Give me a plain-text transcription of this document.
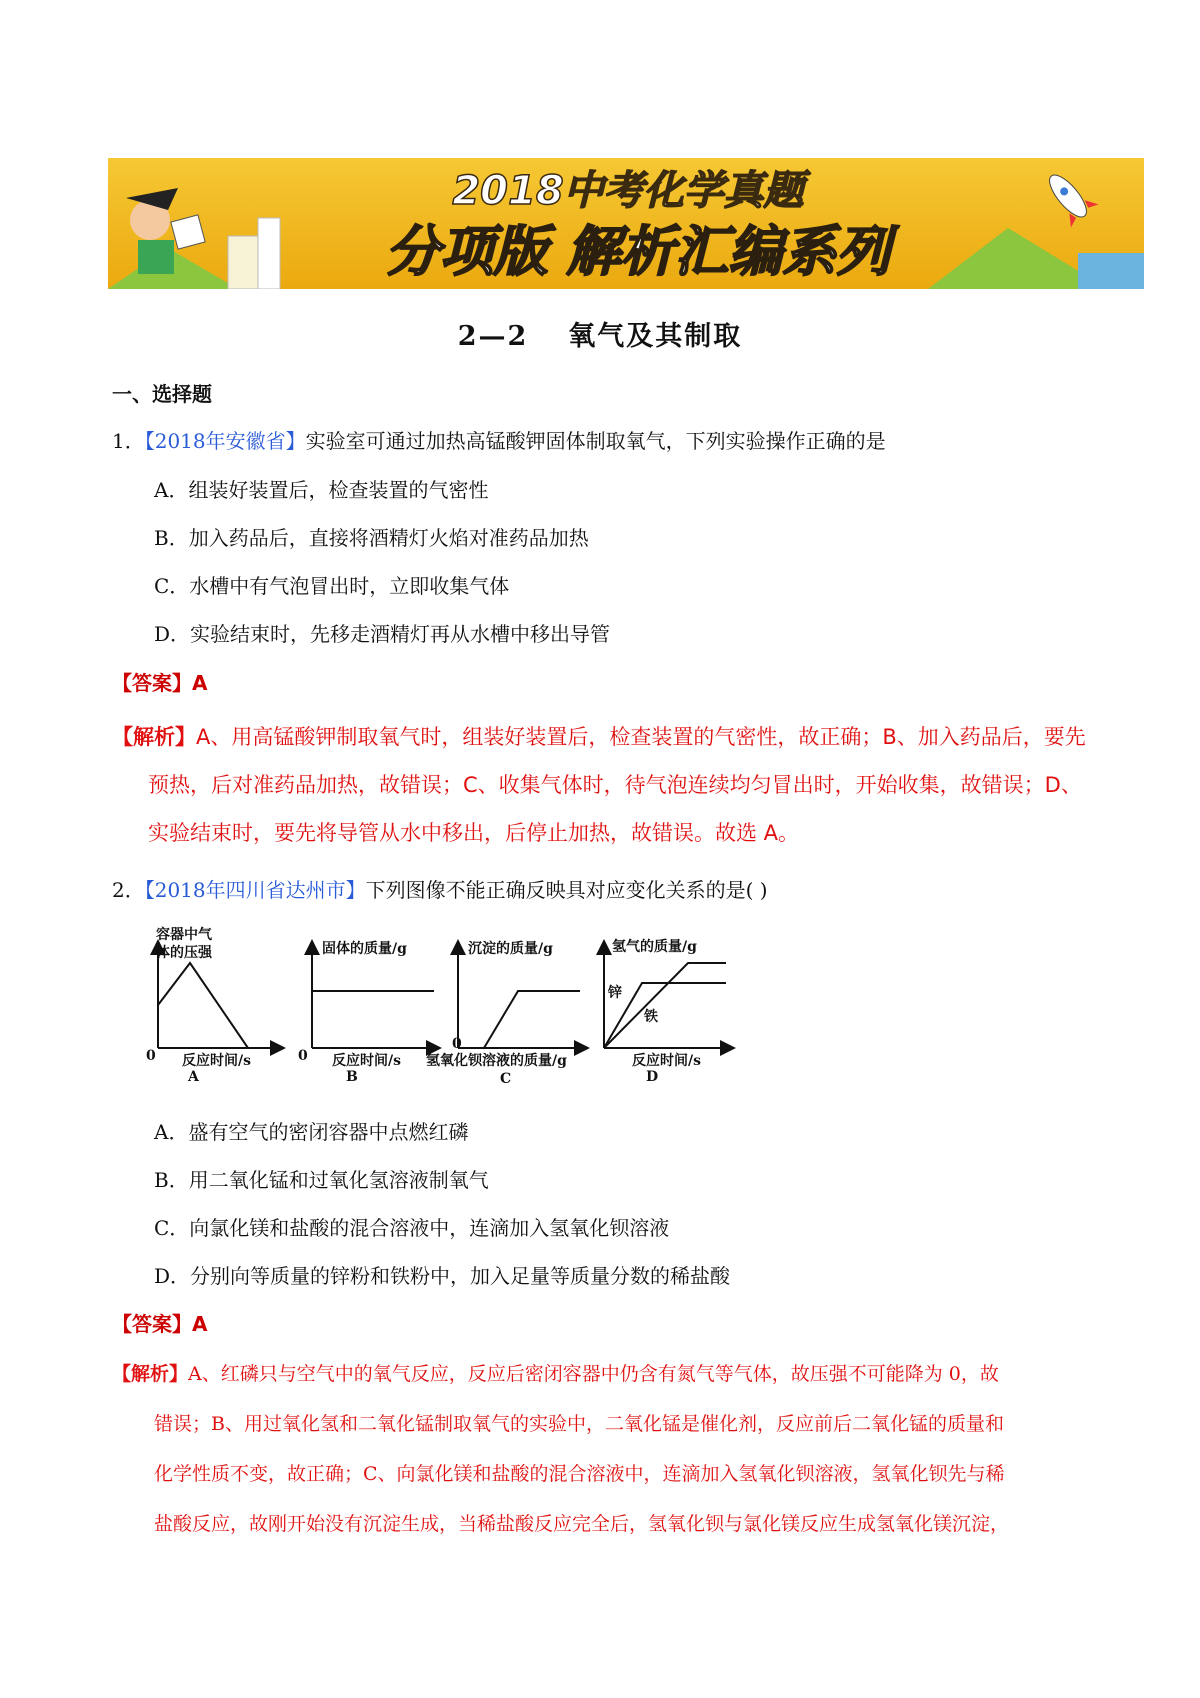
2018中考化学真题
分项版 解析汇编系列
2—2 氧气及其制取
一、选择题
1．【2018年安徽省】实验室可通过加热高锰酸钾固体制取氧气，下列实验操作正确的是
A．组装好装置后，检查装置的气密性
B．加入药品后，直接将酒精灯火焰对准药品加热
C．水槽中有气泡冒出时，立即收集气体
D．实验结束时，先移走酒精灯再从水槽中移出导管
【答案】A
【解析】A、用高锰酸钾制取氧气时，组装好装置后，检查装置的气密性，故正确；B、加入药品后，要先
预热，后对准药品加热，故错误；C、收集气体时，待气泡连续均匀冒出时，开始收集，故错误；D、
实验结束时，要先将导管从水中移出，后停止加热，故错误。故选 A。
2．【2018年四川省达州市】下列图像不能正确反映具对应变化关系的是( )
容器中气
体的压强
0 反应时间/s
A
固体的质量/g
0 反应时间/s
B
沉淀的质量/g
0
氢氧化钡溶液的质量/g
C
氢气的质量/g
锌
铁
反应时间/s
D
A．盛有空气的密闭容器中点燃红磷
B．用二氧化锰和过氧化氢溶液制氧气
C．向氯化镁和盐酸的混合溶液中，连滴加入氢氧化钡溶液
D．分别向等质量的锌粉和铁粉中，加入足量等质量分数的稀盐酸
【答案】A
【解析】A、红磷只与空气中的氧气反应，反应后密闭容器中仍含有氮气等气体，故压强不可能降为 0，故
错误；B、用过氧化氢和二氧化锰制取氧气的实验中，二氧化锰是催化剂，反应前后二氧化锰的质量和
化学性质不变，故正确；C、向氯化镁和盐酸的混合溶液中，连滴加入氢氧化钡溶液，氢氧化钡先与稀
盐酸反应，故刚开始没有沉淀生成，当稀盐酸反应完全后，氢氧化钡与氯化镁反应生成氢氧化镁沉淀，
